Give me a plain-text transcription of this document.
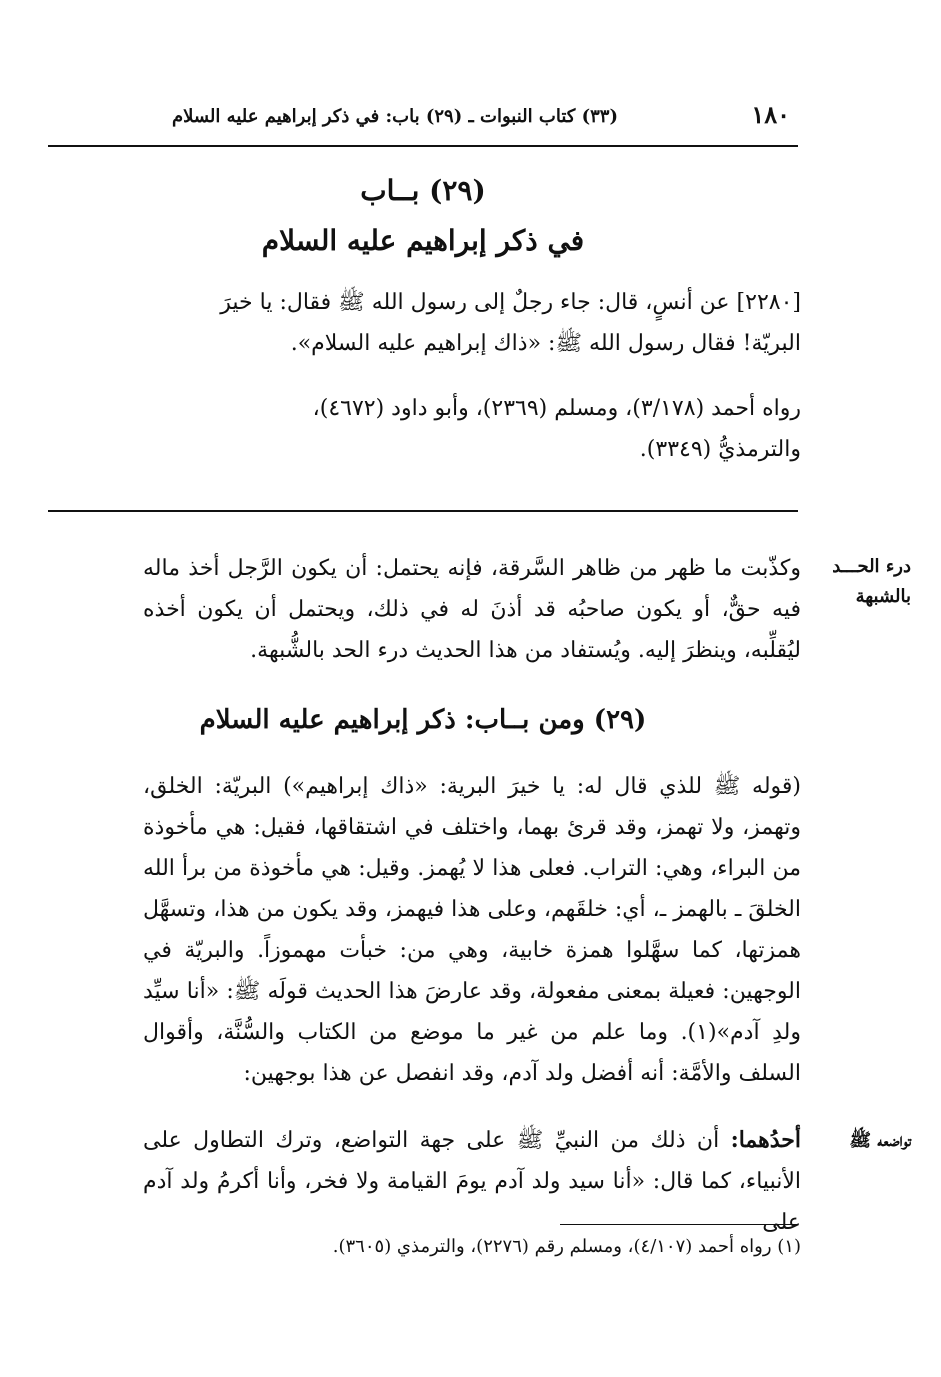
١٨٠
(٣٣) كتاب النبوات ـ (٢٩) باب: في ذكر إبراهيم عليه السلام
(٢٩) بــاب
في ذكر إبراهيم عليه السلام
[٢٢٨٠] عن أنسٍ، قال: جاء رجلٌ إلى رسول الله ﷺ فقال: يا خيرَ
البريّة! فقال رسول الله ﷺ: «ذاك إبراهيم عليه السلام».
رواه أحمد (٣/١٧٨)، ومسلم (٢٣٦٩)، وأبو داود (٤٦٧٢)،
والترمذيُّ (٣٣٤٩).
درء الحـــد بالشبهة
وكذّبت ما ظهر من ظاهر السَّرقة، فإنه يحتمل: أن يكون الرَّجل أخذ ماله فيه حقٌّ، أو يكون صاحبُه قد أذنَ له في ذلك، ويحتمل أن يكون أخذه ليُقلِّبه، وينظرَ إليه. ويُستفاد من هذا الحديث درء الحد بالشُّبهة.
(٢٩) ومن بــاب: ذكر إبراهيم عليه السلام
(قوله ﷺ للذي قال له: يا خيرَ البرية: «ذاك إبراهيم») البريّة: الخلق، وتهمز، ولا تهمز، وقد قرئ بهما، واختلف في اشتقاقها، فقيل: هي مأخوذة من البراء، وهي: التراب. فعلى هذا لا يُهمز. وقيل: هي مأخوذة من برأ الله الخلقَ ـ بالهمز ـ، أي: خلقَهم، وعلى هذا فيهمز، وقد يكون من هذا، وتسهَّل همزتها، كما سهَّلوا همزة خابية، وهي من: خبأت مهموزاً. والبريّة في الوجهين: فعيلة بمعنى مفعولة، وقد عارضَ هذا الحديث قولَه ﷺ: «أنا سيِّد ولدِ آدم»(١). وما علم من غير ما موضع من الكتاب والسُّنَّة، وأقوال السلف والأمَّة: أنه أفضل ولد آدم، وقد انفصل عن هذا بوجهين:
تواضعه ﷺ
أحدُهما: أن ذلك من النبيِّ ﷺ على جهة التواضع، وترك التطاول على الأنبياء، كما قال: «أنا سيد ولد آدم يومَ القيامة ولا فخر، وأنا أكرمُ ولد آدم على
(١) رواه أحمد (٤/١٠٧)، ومسلم رقم (٢٢٧٦)، والترمذي (٣٦٠٥).
